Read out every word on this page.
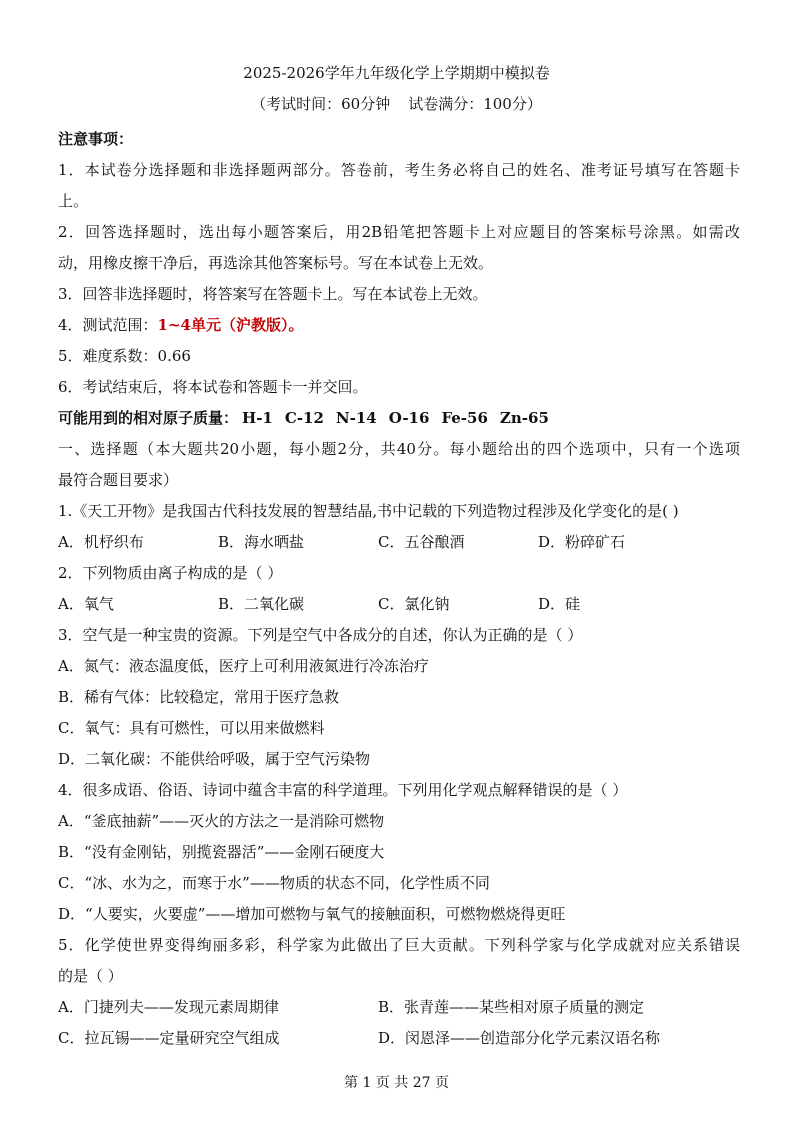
2025-2026学年九年级化学上学期期中模拟卷
（考试时间：60分钟 试卷满分：100分）
注意事项：
1．本试卷分选择题和非选择题两部分。答卷前，考生务必将自己的姓名、准考证号填写在答题卡
上。
2．回答选择题时，选出每小题答案后，用2B铅笔把答题卡上对应题目的答案标号涂黑。如需改
动，用橡皮擦干净后，再选涂其他答案标号。写在本试卷上无效。
3．回答非选择题时，将答案写在答题卡上。写在本试卷上无效。
4．测试范围：1~4单元（沪教版）。
5．难度系数：0.66
6．考试结束后，将本试卷和答题卡一并交回。
可能用到的相对原子质量： H-1 C-12 N-14 O-16 Fe-56 Zn-65
一、选择题（本大题共20小题，每小题2分，共40分。每小题给出的四个选项中，只有一个选项
最符合题目要求）
1.《天工开物》是我国古代科技发展的智慧结晶,书中记载的下列造物过程涉及化学变化的是( )
A．机杼织布	B．海水晒盐	C．五谷酿酒	D．粉碎矿石
2．下列物质由离子构成的是（ ）
A．氧气	B．二氧化碳	C．氯化钠	D．硅
3．空气是一种宝贵的资源。下列是空气中各成分的自述，你认为正确的是（ ）
A．氮气：液态温度低，医疗上可利用液氮进行冷冻治疗
B．稀有气体：比较稳定，常用于医疗急救
C．氧气：具有可燃性，可以用来做燃料
D．二氧化碳：不能供给呼吸，属于空气污染物
4．很多成语、俗语、诗词中蕴含丰富的科学道理。下列用化学观点解释错误的是（ ）
A．“釜底抽薪”——灭火的方法之一是消除可燃物
B．“没有金刚钻，别揽瓷器活”——金刚石硬度大
C．“冰、水为之，而寒于水”——物质的状态不同，化学性质不同
D．“人要实，火要虚”——增加可燃物与氧气的接触面积，可燃物燃烧得更旺
5．化学使世界变得绚丽多彩，科学家为此做出了巨大贡献。下列科学家与化学成就对应关系错误
的是（ ）
A．门捷列夫——发现元素周期律	B．张青莲——某些相对原子质量的测定
C．拉瓦锡——定量研究空气组成	D．闵恩泽——创造部分化学元素汉语名称
第 1 页 共 27 页
